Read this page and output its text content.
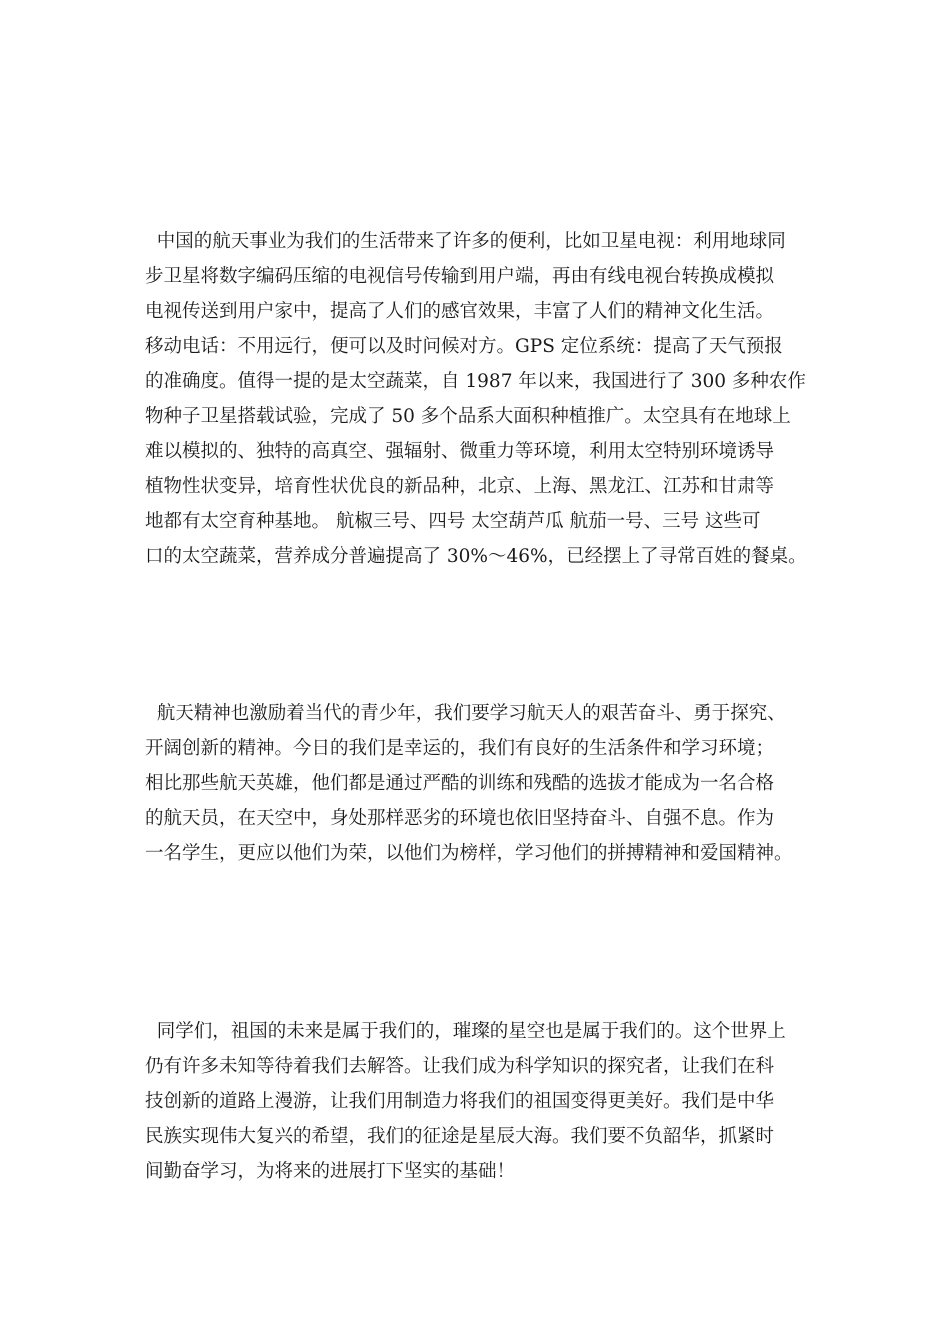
中国的航天事业为我们的生活带来了许多的便利，比如卫星电视：利用地球同
步卫星将数字编码压缩的电视信号传输到用户端，再由有线电视台转换成模拟
电视传送到用户家中，提高了人们的感官效果，丰富了人们的精神文化生活。
移动电话：不用远行，便可以及时问候对方。GPS 定位系统：提高了天气预报
的准确度。值得一提的是太空蔬菜，自 1987 年以来，我国进行了 300 多种农作
物种子卫星搭载试验，完成了 50 多个品系大面积种植推广。太空具有在地球上
难以模拟的、独特的高真空、强辐射、微重力等环境，利用太空特别环境诱导
植物性状变异，培育性状优良的新品种，北京、上海、黑龙江、江苏和甘肃等
地都有太空育种基地。 航椒三号、四号 太空葫芦瓜 航茄一号、三号 这些可
口的太空蔬菜，营养成分普遍提高了 30%～46%，已经摆上了寻常百姓的餐桌。

航天精神也激励着当代的青少年，我们要学习航天人的艰苦奋斗、勇于探究、
开阔创新的精神。今日的我们是幸运的，我们有良好的生活条件和学习环境；
相比那些航天英雄，他们都是通过严酷的训练和残酷的选拔才能成为一名合格
的航天员，在天空中，身处那样恶劣的环境也依旧坚持奋斗、自强不息。作为
一名学生，更应以他们为荣，以他们为榜样，学习他们的拼搏精神和爱国精神。

同学们，祖国的未来是属于我们的，璀璨的星空也是属于我们的。这个世界上
仍有许多未知等待着我们去解答。让我们成为科学知识的探究者，让我们在科
技创新的道路上漫游，让我们用制造力将我们的祖国变得更美好。我们是中华
民族实现伟大复兴的希望，我们的征途是星辰大海。我们要不负韶华，抓紧时
间勤奋学习，为将来的进展打下坚实的基础！
